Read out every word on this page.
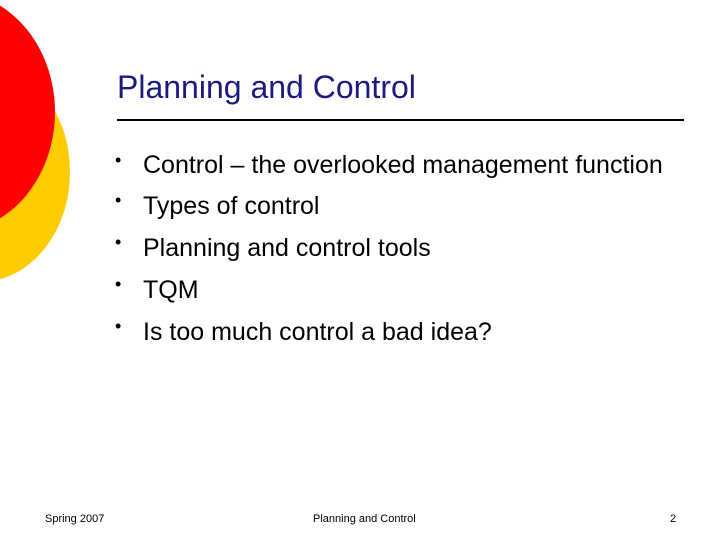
Planning and Control
• Control – the overlooked management function
• Types of control
• Planning and control tools
• TQM
• Is too much control a bad idea?
Spring 2007	Planning and Control	2
